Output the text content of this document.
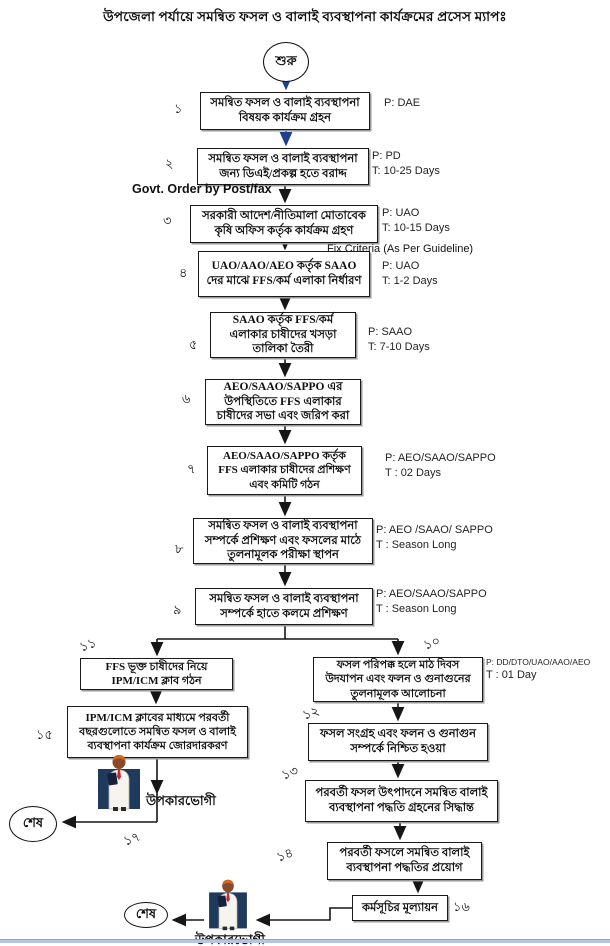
উপজেলা পর্যায়ে সমন্বিত ফসল ও বালাই ব্যবস্থাপনা কার্যক্রমের প্রসেস ম্যাপঃ
শুরু
শেষ
শেষ
সমন্বিত ফসল ও বালাই ব্যবস্থাপনা বিষয়ক কার্যক্রম গ্রহন
সমন্বিত ফসল ও বালাই ব্যবস্থাপনা জন্য ডিএই/প্রকল্প হতে বরাদ্দ
সরকারী আদেশ/নীতিমালা মোতাবেক কৃষি অফিস কর্তৃক কার্যক্রম গ্রহণ
UAO/AAO/AEO কর্তৃক SAAO দের মাঝে FFS/কর্ম এলাকা নির্ধারণ
SAAO কর্তৃক FFS/কর্ম এলাকার চাষীদের খসড়া তালিকা তৈরী
AEO/SAAO/SAPPO এর উপস্থিতিতে FFS এলাকার চাষীদের সভা এবং জরিপ করা
AEO/SAAO/SAPPO কর্তৃক FFS এলাকার চাষীদের প্রশিক্ষণ এবং কমিটি গঠন
সমন্বিত ফসল ও বালাই ব্যবস্থাপনা সম্পর্কে প্রশিক্ষণ এবং ফসলের মাঠে তুলনামূলক পরীক্ষা স্থাপন
সমন্বিত ফসল ও বালাই ব্যবস্থাপনা সম্পর্কে হাতে কলমে প্রশিক্ষণ
ফসল পরিপক্ক হলে মাঠ দিবস উদযাপন এবং ফলন ও গুনাগুনের তুলনামূলক আলোচনা
FFS ভূক্ত চাষীদের নিয়ে IPM/ICM ক্লাব গঠন
ফসল সংগ্রহ এবং ফলন ও গুনাগুন সম্পর্কে নিশ্চিত হওয়া
পরবর্তী ফসল উৎপাদনে সমন্বিত বালাই ব্যবস্থাপনা পদ্ধতি গ্রহনের সিদ্ধান্ত
পরবর্তী ফসলে সমন্বিত বালাই ব্যবস্থাপনা পদ্ধতির প্রয়োগ
IPM/ICM ক্লাবের মাধ্যমে পরবর্তী বছরগুলোতে সমন্বিত ফসল ও বালাই ব্যবস্থাপনা কার্যক্রম জোরদারকরণ
কর্মসূচির মূল্যায়ন
১
২
৩
৪
৫
৬
৭
৮
৯
১০
১১
১২
১৩
১৪
১৫
১৬
১৭
P: DAE
P: PD
T: 10-25 Days
P: UAO
T: 10-15 Days
P: UAO
T: 1-2 Days
P: SAAO
T: 7-10 Days
P: AEO/SAAO/SAPPO
T : 02 Days
P: AEO /SAAO/ SAPPO
T : Season Long
P: AEO/SAAO/SAPPO
T : Season Long
P: DD/DTO/UAO/AAO/AEO
T : 01 Day
Govt. Order by Post/fax
Fix Criteria (As Per Guideline)
উপকারভোগী
